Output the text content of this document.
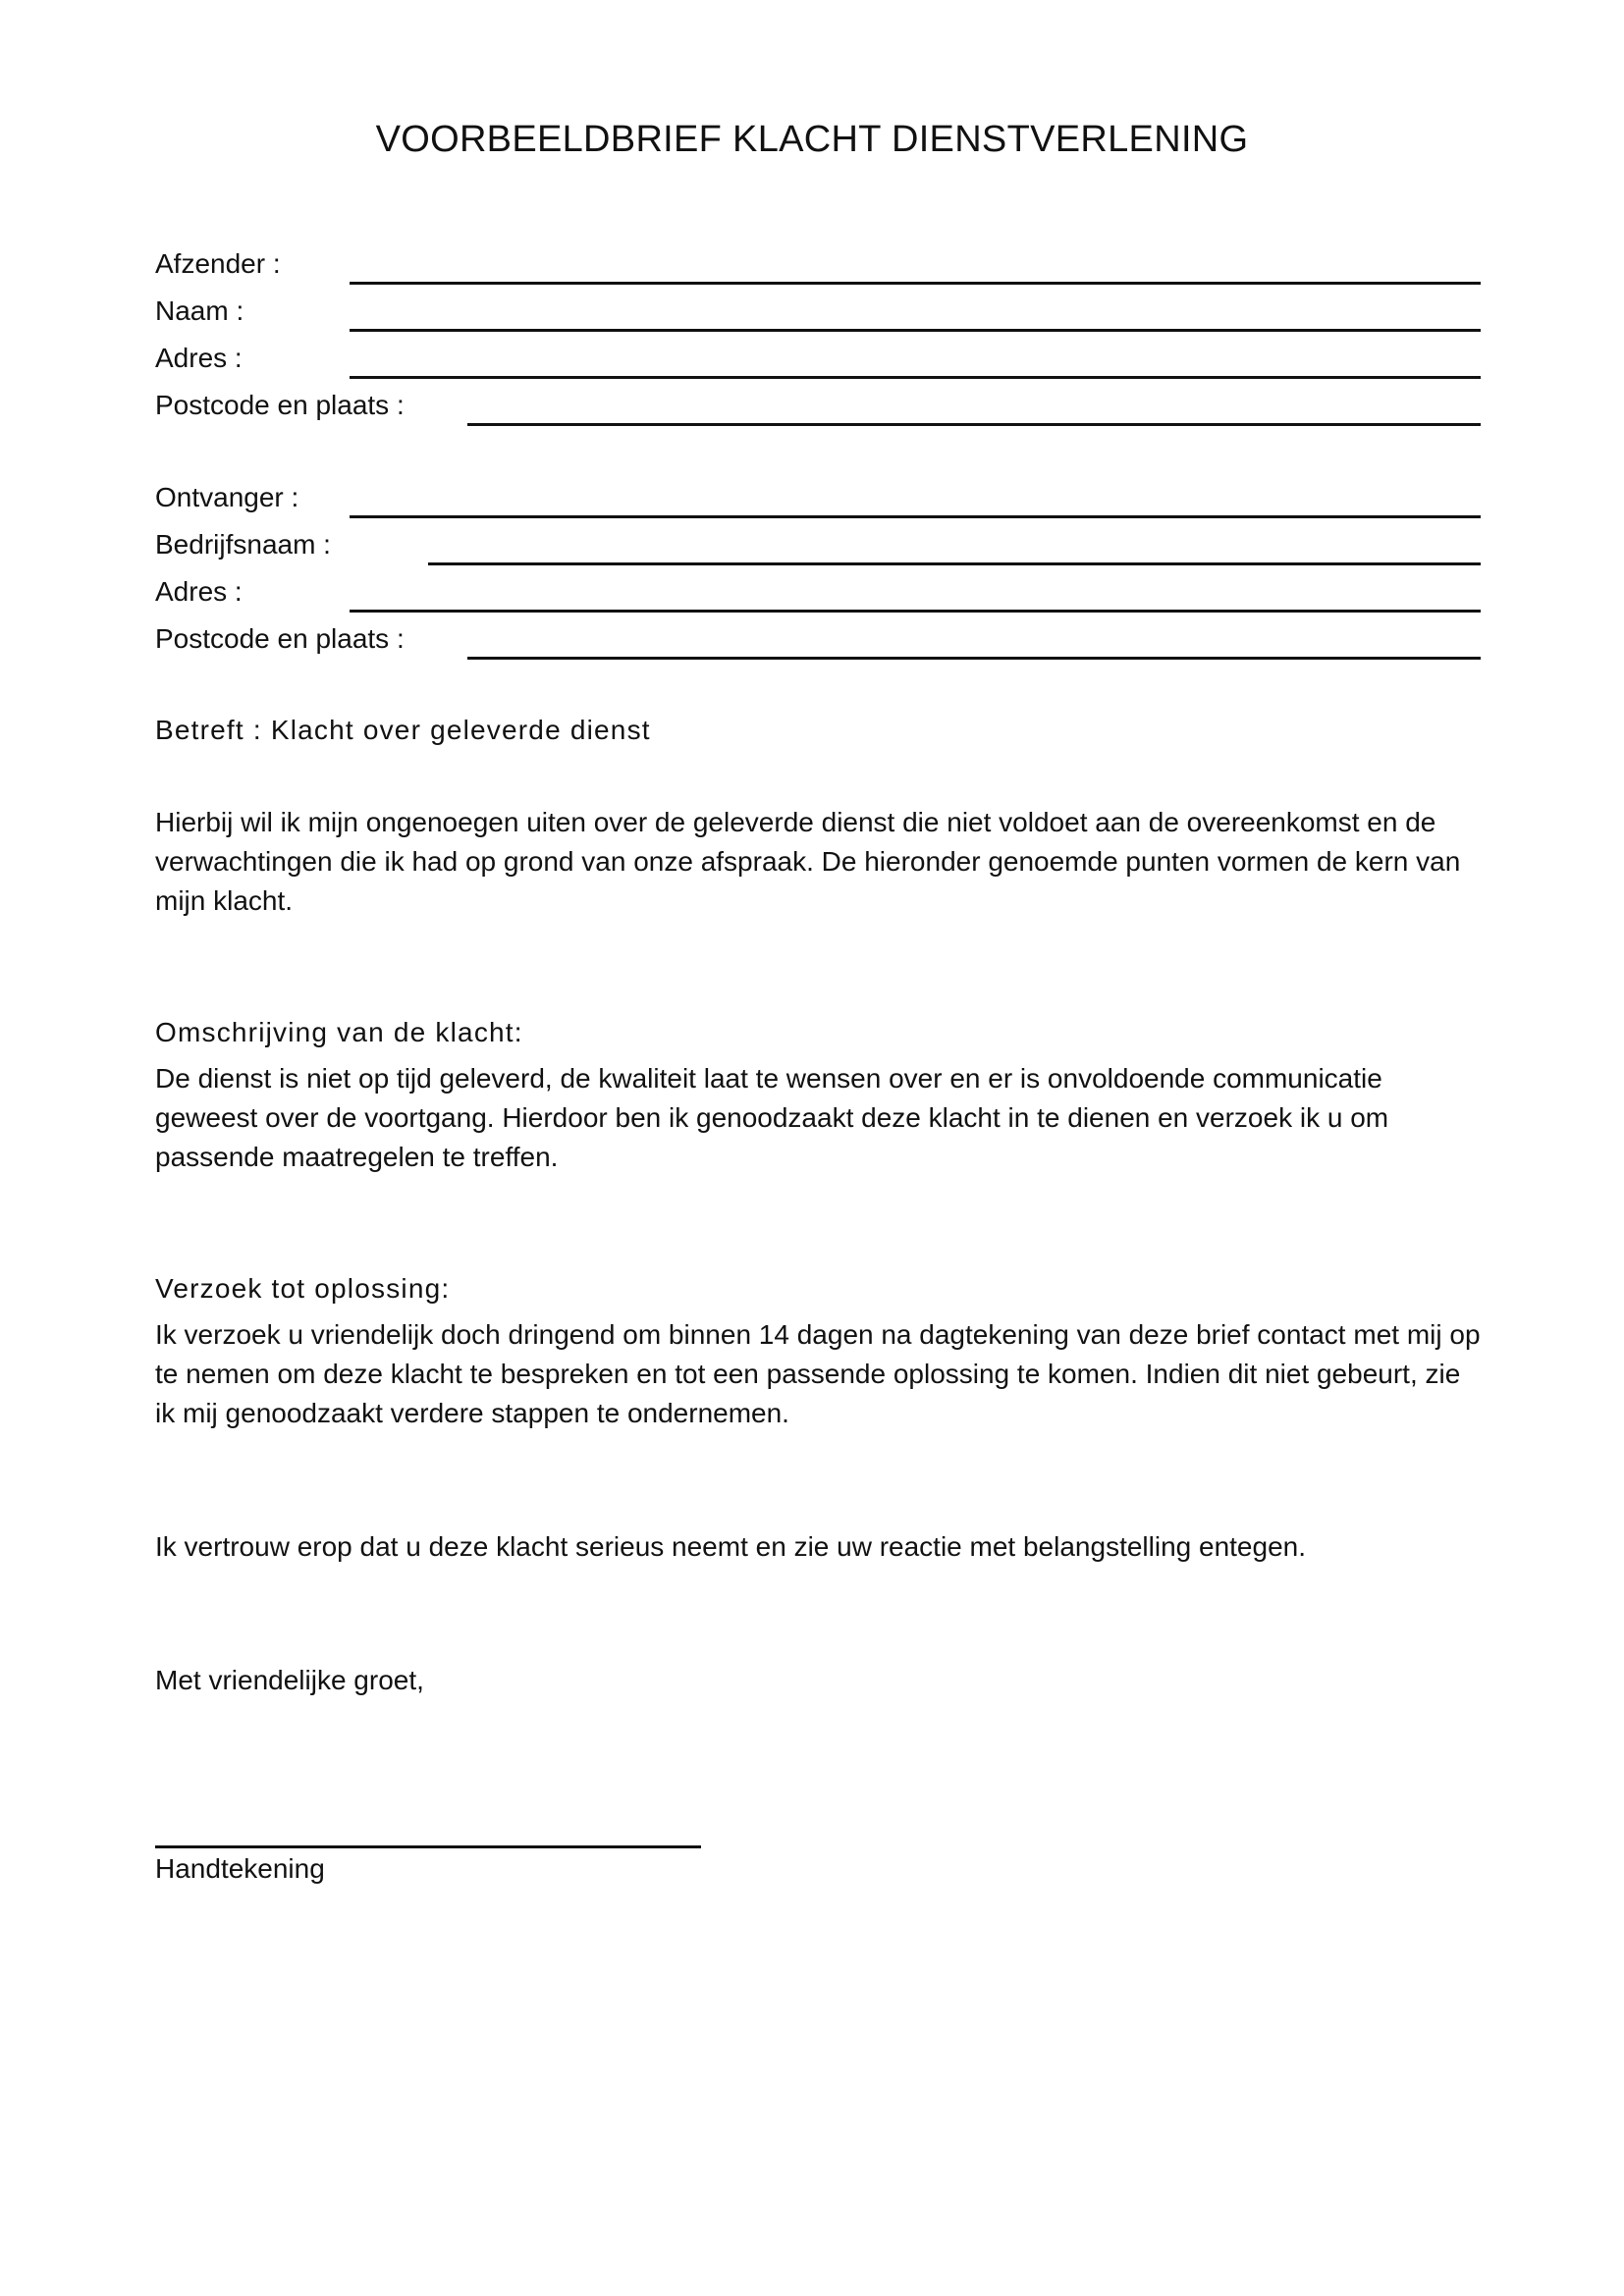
VOORBEELDBRIEF KLACHT DIENSTVERLENING
Afzender :
Naam :
Adres :
Postcode en plaats :
Ontvanger :
Bedrijfsnaam :
Adres :
Postcode en plaats :

Betreft : Klacht over geleverde dienst

Hierbij wil ik mijn ongenoegen uiten over de geleverde dienst die niet voldoet aan de overeenkomst en de verwachtingen die ik had op grond van onze afspraak. De hieronder genoemde punten vormen de kern van mijn klacht.

Omschrijving van de klacht:

De dienst is niet op tijd geleverd, de kwaliteit laat te wensen over en er is onvoldoende communicatie geweest over de voortgang. Hierdoor ben ik genoodzaakt deze klacht in te dienen en verzoek ik u om passende maatregelen te treffen.

Verzoek tot oplossing:

Ik verzoek u vriendelijk doch dringend om binnen 14 dagen na dagtekening van deze brief contact met mij op te nemen om deze klacht te bespreken en tot een passende oplossing te komen. Indien dit niet gebeurt, zie ik mij genoodzaakt verdere stappen te ondernemen.

Ik vertrouw erop dat u deze klacht serieus neemt en zie uw reactie met belangstelling entegen.

Met vriendelijke groet,

Handtekening
